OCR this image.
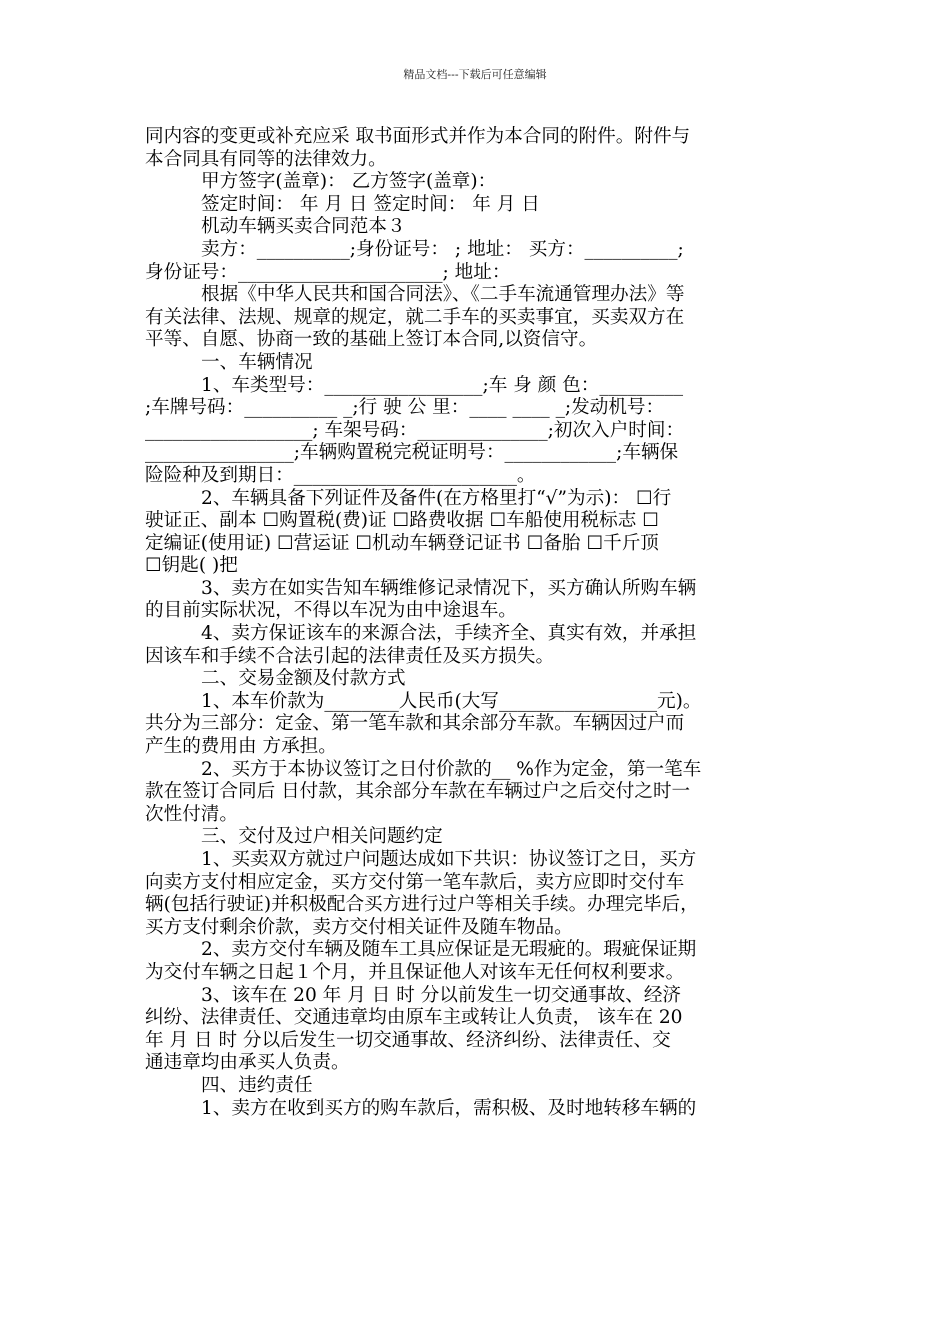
精品文档---下载后可任意编辑

同内容的变更或补充应采 取书面形式并作为本合同的附件。附件与

本合同具有同等的法律效力。

甲方签字(盖章)： 乙方签字(盖章)：

签定时间： 年 月 日 签定时间： 年 月 日

机动车辆买卖合同范本３

卖方：__________;身份证号： ; 地址： 买方：__________;

身份证号：______________________; 地址：

根据《中华人民共和国合同法》、《二手车流通管理办法》等

有关法律、法规、规章的规定，就二手车的买卖事宜，买卖双方在

平等、自愿、协商一致的基础上签订本合同,以资信守。

一、车辆情况

1、车类型号：_________________;车 身 颜 色：_________

;车牌号码：__________ _;行 驶 公 里：____ ____ _;发动机号：

__________________; 车架号码：______________;初次入户时间：

________________;车辆购置税完税证明号：____________;车辆保

险险种及到期日：________________________。

2、车辆具备下列证件及备件(在方格里打“√”为示)： ☐行

驶证正、副本 ☐购置税(费)证 ☐路费收据 ☐车船使用税标志 ☐

定编证(使用证) ☐营运证 ☐机动车辆登记证书 ☐备胎 ☐千斤顶

☐钥匙( )把

3、卖方在如实告知车辆维修记录情况下，买方确认所购车辆

的目前实际状况，不得以车况为由中途退车。

4、卖方保证该车的来源合法，手续齐全、真实有效，并承担

因该车和手续不合法引起的法律责任及买方损失。

二、交易金额及付款方式

1、本车价款为________人民币(大写_________________元)。

共分为三部分：定金、第一笔车款和其余部分车款。车辆因过户而

产生的费用由 方承担。

2、买方于本协议签订之日付价款的__ %作为定金，第一笔车

款在签订合同后 日付款，其余部分车款在车辆过户之后交付之时一

次性付清。

三、交付及过户相关问题约定

1、买卖双方就过户问题达成如下共识：协议签订之日，买方

向卖方支付相应定金，买方交付第一笔车款后，卖方应即时交付车

辆(包括行驶证)并积极配合买方进行过户等相关手续。办理完毕后，

买方支付剩余价款，卖方交付相关证件及随车物品。

2、卖方交付车辆及随车工具应保证是无瑕疵的。瑕疵保证期

为交付车辆之日起１个月，并且保证他人对该车无任何权利要求。

3、该车在 20 年 月 日 时 分以前发生一切交通事故、经济

纠纷、法律责任、交通违章均由原车主或转让人负责， 该车在 20

年 月 日 时 分以后发生一切交通事故、经济纠纷、法律责任、交

通违章均由承买人负责。

四、违约责任

1、卖方在收到买方的购车款后，需积极、及时地转移车辆的
